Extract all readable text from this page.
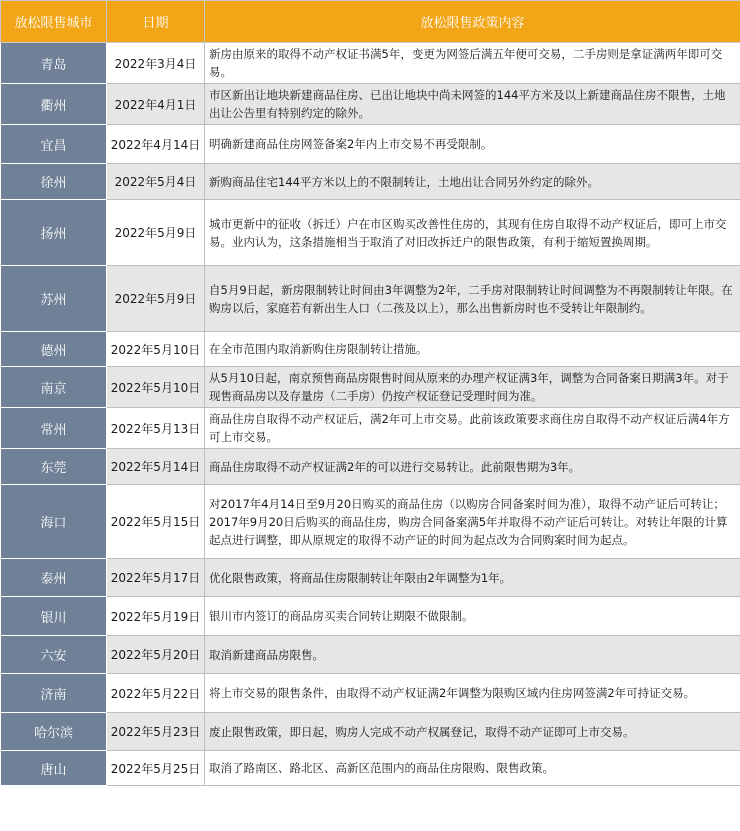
放松限售城市	日期	放松限售政策内容
青岛	2022年3月4日	新房由原来的取得不动产权证书满5年，变更为网签后满五年便可交易，二手房则是拿证满两年即可交易。
衢州	2022年4月1日	市区新出让地块新建商品住房、已出让地块中尚未网签的144平方米及以上新建商品住房不限售，土地出让公告里有特别约定的除外。
宜昌	2022年4月14日	明确新建商品住房网签备案2年内上市交易不再受限制。
徐州	2022年5月4日	新购商品住宅144平方米以上的不限制转让，土地出让合同另外约定的除外。
扬州	2022年5月9日	城市更新中的征收（拆迁）户在市区购买改善性住房的，其现有住房自取得不动产权证后，即可上市交易。业内认为，这条措施相当于取消了对旧改拆迁户的限售政策，有利于缩短置换周期。
苏州	2022年5月9日	自5月9日起，新房限制转让时间由3年调整为2年，二手房对限制转让时间调整为不再限制转让年限。在购房以后，家庭若有新出生人口（二孩及以上），那么出售新房时也不受转让年限制约。
德州	2022年5月10日	在全市范围内取消新购住房限制转让措施。
南京	2022年5月10日	从5月10日起，南京预售商品房限售时间从原来的办理产权证满3年，调整为合同备案日期满3年。对于现售商品房以及存量房（二手房）仍按产权证登记受理时间为准。
常州	2022年5月13日	商品住房自取得不动产权证后，满2年可上市交易。此前该政策要求商住房自取得不动产权证后满4年方可上市交易。
东莞	2022年5月14日	商品住房取得不动产权证满2年的可以进行交易转让。此前限售期为3年。
海口	2022年5月15日	对2017年4月14日至9月20日购买的商品住房（以购房合同备案时间为准），取得不动产证后可转让；2017年9月20日后购买的商品住房，购房合同备案满5年并取得不动产证后可转让。对转让年限的计算起点进行调整，即从原规定的取得不动产证的时间为起点改为合同购案时间为起点。
泰州	2022年5月17日	优化限售政策，将商品住房限制转让年限由2年调整为1年。
银川	2022年5月19日	银川市内签订的商品房买卖合同转让期限不做限制。
六安	2022年5月20日	取消新建商品房限售。
济南	2022年5月22日	将上市交易的限售条件，由取得不动产权证满2年调整为限购区域内住房网签满2年可持证交易。
哈尔滨	2022年5月23日	废止限售政策，即日起，购房人完成不动产权属登记，取得不动产证即可上市交易。
唐山	2022年5月25日	取消了路南区、路北区、高新区范围内的商品住房限购、限售政策。
